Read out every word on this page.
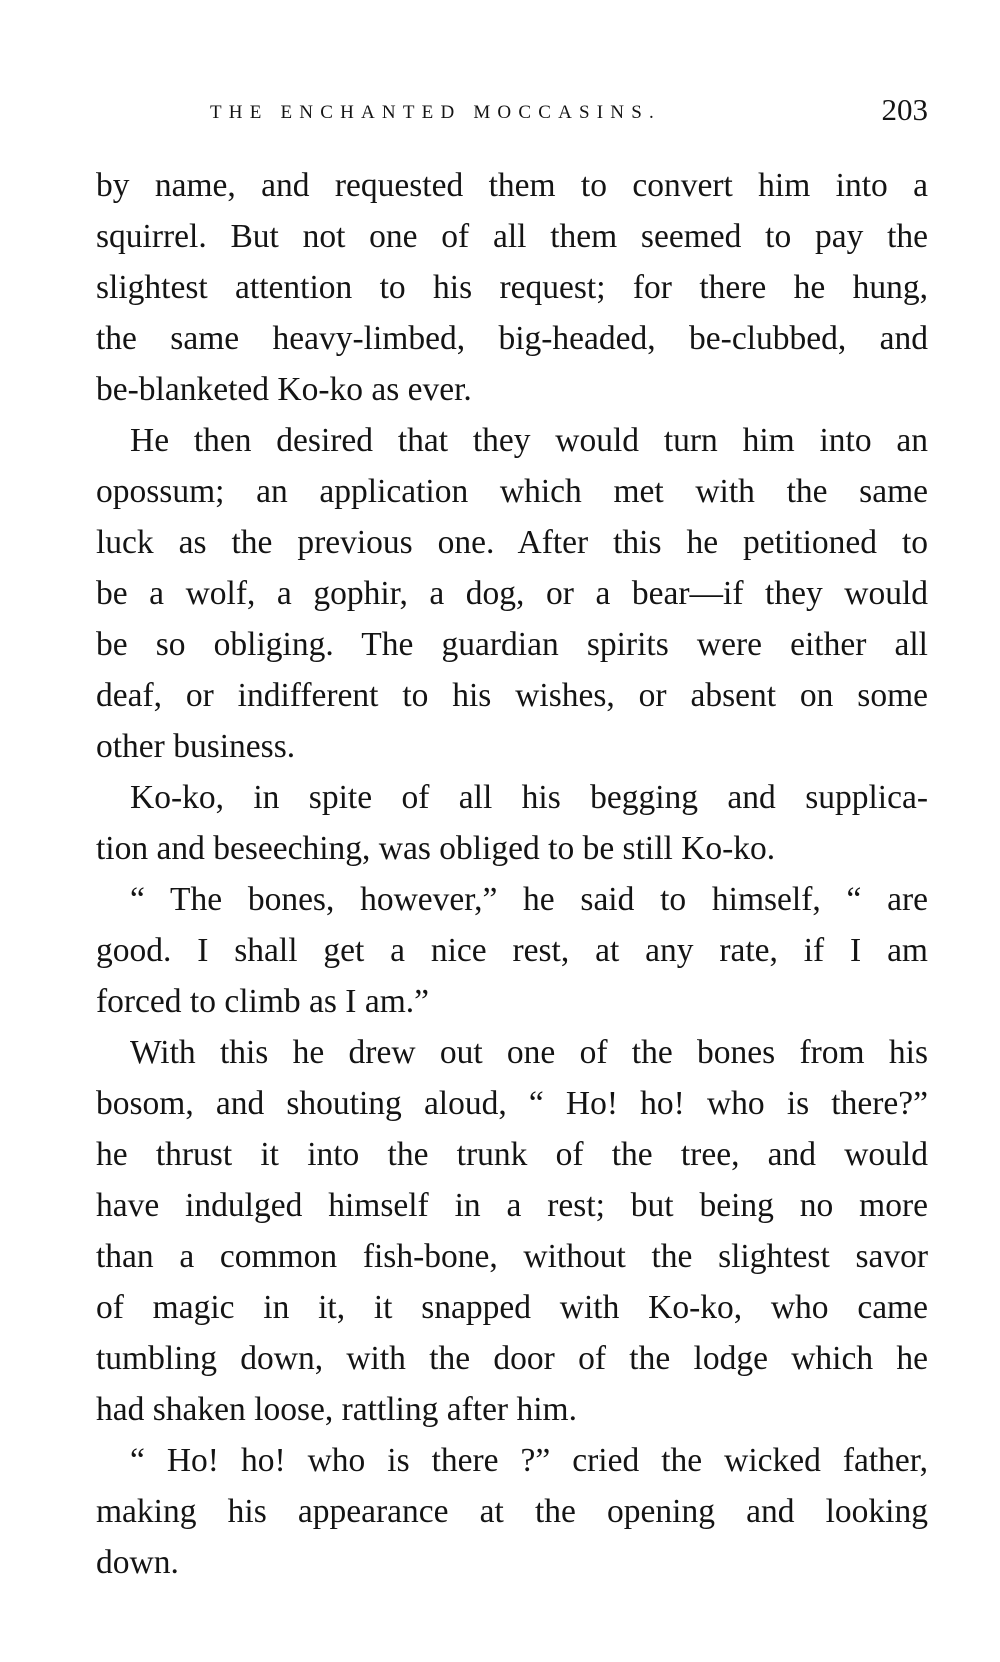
THE ENCHANTED MOCCASINS.	203
by name, and requested them to convert him into a
squirrel. But not one of all them seemed to pay the
slightest attention to his request; for there he hung,
the same heavy-limbed, big-headed, be-clubbed, and
be-blanketed Ko-ko as ever.
He then desired that they would turn him into an
opossum; an application which met with the same
luck as the previous one. After this he petitioned to
be a wolf, a gophir, a dog, or a bear—if they would
be so obliging. The guardian spirits were either all
deaf, or indifferent to his wishes, or absent on some
other business.
Ko-ko, in spite of all his begging and supplica-
tion and beseeching, was obliged to be still Ko-ko.
“ The bones, however,” he said to himself, “ are
good. I shall get a nice rest, at any rate, if I am
forced to climb as I am.”
With this he drew out one of the bones from his
bosom, and shouting aloud, “ Ho! ho! who is there?”
he thrust it into the trunk of the tree, and would
have indulged himself in a rest; but being no more
than a common fish-bone, without the slightest savor
of magic in it, it snapped with Ko-ko, who came
tumbling down, with the door of the lodge which he
had shaken loose, rattling after him.
“ Ho! ho! who is there ?” cried the wicked father,
making his appearance at the opening and looking
down.
